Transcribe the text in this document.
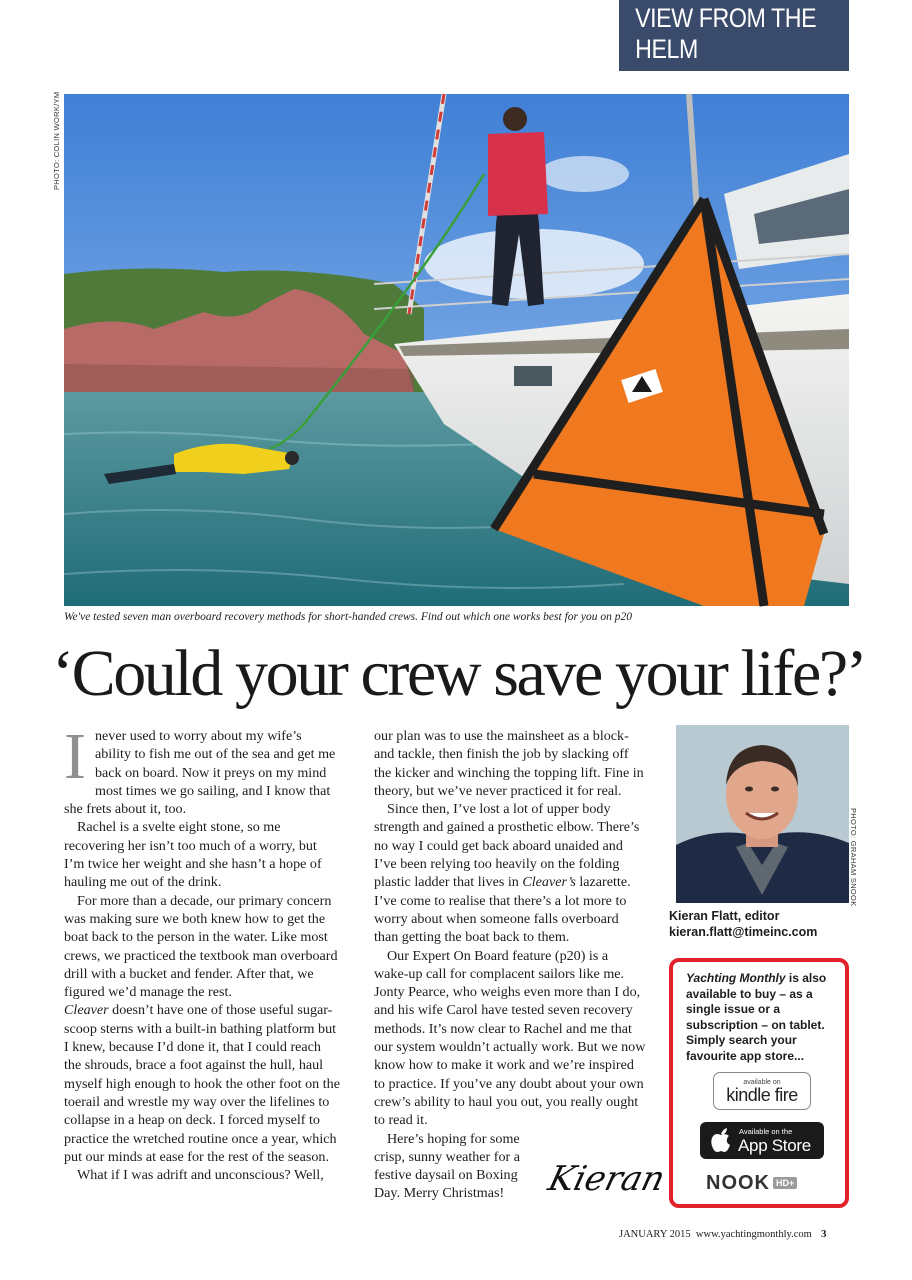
VIEW FROM THE HELM
PHOTO: COLIN WORK/YM
We've tested seven man overboard recovery methods for short-handed crews. Find out which one works best for you on p20
‘Could your crew save your life?’

Inever used to worry about my wife’s ability to fish me out of the sea and get me back on board. Now it preys on my mind most times we go sailing, and I know that she frets about it, too.

Rachel is a svelte eight stone, so me recovering her isn’t too much of a worry, but I’m twice her weight and she hasn’t a hope of hauling me out of the drink.

For more than a decade, our primary concern was making sure we both knew how to get the boat back to the person in the water. Like most crews, we practiced the textbook man overboard drill with a bucket and fender. After that, we figured we’d manage the rest.

Cleaver doesn’t have one of those useful sugar-scoop sterns with a built-in bathing platform but I knew, because I’d done it, that I could reach the shrouds, brace a foot against the hull, haul myself high enough to hook the other foot on the toerail and wrestle my way over the lifelines to collapse in a heap on deck. I forced myself to practice the wretched routine once a year, which put our minds at ease for the rest of the season.

What if I was adrift and unconscious? Well,

our plan was to use the mainsheet as a block-and tackle, then finish the job by slacking off the kicker and winching the topping lift. Fine in theory, but we’ve never practiced it for real.

Since then, I’ve lost a lot of upper body strength and gained a prosthetic elbow. There’s no way I could get back aboard unaided and I’ve been relying too heavily on the folding plastic ladder that lives in Cleaver’s lazarette. I’ve come to realise that there’s a lot more to worry about when someone falls overboard than getting the boat back to them.

Our Expert On Board feature (p20) is a wake-up call for complacent sailors like me. Jonty Pearce, who weighs even more than I do, and his wife Carol have tested seven recovery methods. It’s now clear to Rachel and me that our system wouldn’t actually work. But we now know how to make it work and we’re inspired to practice. If you’ve any doubt about your own crew’s ability to haul you out, you really ought to read it.

Here’s hoping for some crisp, sunny weather for a festive daysail on Boxing Day. Merry Christmas!	Kieran
PHOTO: GRAHAM SNOOK
Kieran Flatt, editor
kieran.flatt@timeinc.com
Yachting Monthly is also available to buy – as a single issue or a subscription – on tablet. Simply search your favourite app store...
available on
kindle fire
Available on the
App Store
NOOK HD+
JANUARY 2015 www.yachtingmonthly.com 3
